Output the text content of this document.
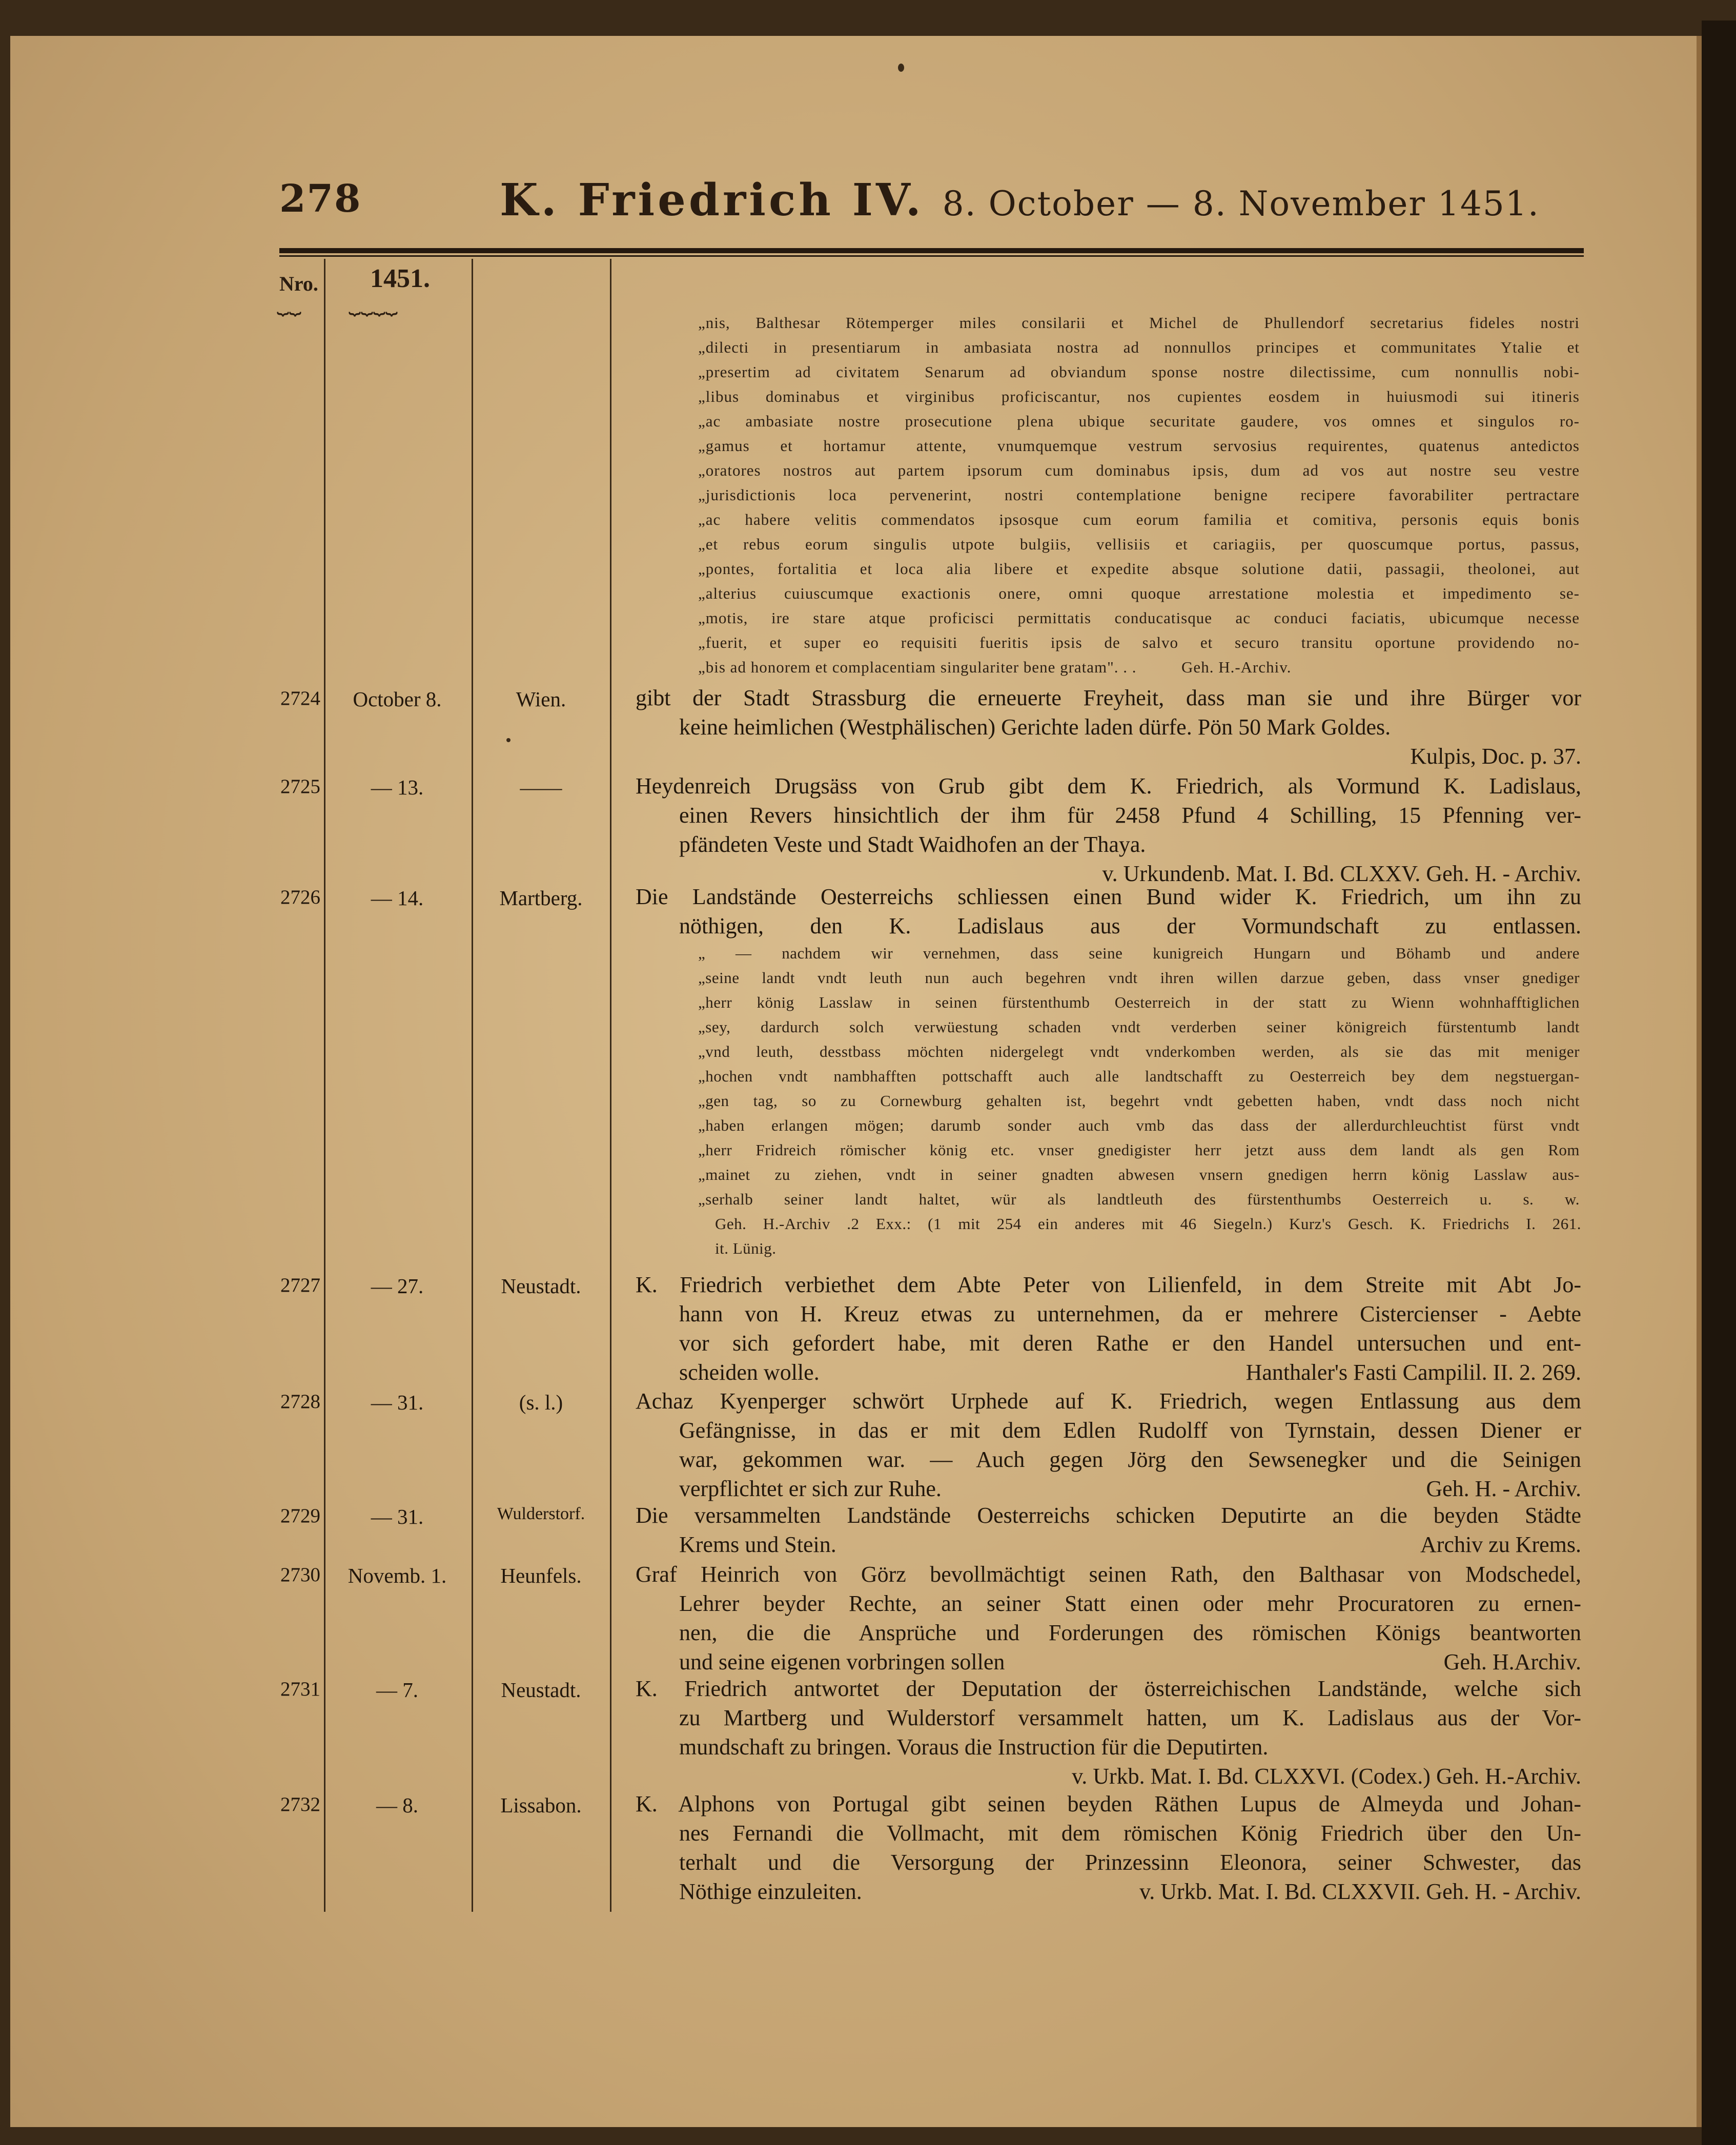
278	K. Friedrich IV. 8. October — 8. November 1451.
Nro.
⏟⏟
1451.
⏟⏟⏟⏟
„nis, Balthesar Rötemperger miles consilarii et Michel de Phullendorf secretarius fideles nostri
„dilecti in presentiarum in ambasiata nostra ad nonnullos principes et communitates Ytalie et
„presertim ad civitatem Senarum ad obviandum sponse nostre dilectissime, cum nonnullis nobi-
„libus dominabus et virginibus proficiscantur, nos cupientes eosdem in huiusmodi sui itineris
„ac ambasiate nostre prosecutione plena ubique securitate gaudere, vos omnes et singulos ro-
„gamus et hortamur attente, vnumquemque vestrum servosius requirentes, quatenus antedictos
„oratores nostros aut partem ipsorum cum dominabus ipsis, dum ad vos aut nostre seu vestre
„jurisdictionis loca pervenerint, nostri contemplatione benigne recipere favorabiliter pertractare
„ac habere velitis commendatos ipsosque cum eorum familia et comitiva, personis equis bonis
„et rebus eorum singulis utpote bulgiis, vellisiis et cariagiis, per quoscumque portus, passus,
„pontes, fortalitia et loca alia libere et expedite absque solutione datii, passagii, theolonei, aut
„alterius cuiuscumque exactionis onere, omni quoque arrestatione molestia et impedimento se-
„motis, ire stare atque proficisci permittatis conducatisque ac conduci faciatis, ubicumque necesse
„fuerit, et super eo requisiti fueritis ipsis de salvo et securo transitu oportune providendo no-
„bis ad honorem et complacentiam singulariter bene gratam". . .          Geh. H.-Archiv.
2724	October 8.	Wien.	gibt der Stadt Strassburg die erneuerte Freyheit, dass man sie und ihre Bürger vor
keine heimlichen (Westphälischen) Gerichte laden dürfe. Pön 50 Mark Goldes.
Kulpis, Doc. p. 37.
2725	— 13.	——	Heydenreich Drugsäss von Grub gibt dem K. Friedrich, als Vormund K. Ladislaus,
einen Revers hinsichtlich der ihm für 2458 Pfund 4 Schilling, 15 Pfenning ver-
pfändeten Veste und Stadt Waidhofen an der Thaya.
v. Urkundenb. Mat. I. Bd. CLXXV. Geh. H. - Archiv.
2726	— 14.	Martberg.	Die Landstände Oesterreichs schliessen einen Bund wider K. Friedrich, um ihn zu
nöthigen, den K. Ladislaus aus der Vormundschaft zu entlassen.
„ — nachdem wir vernehmen, dass seine kunigreich Hungarn und Böhamb und andere
„seine landt vndt leuth nun auch begehren vndt ihren willen darzue geben, dass vnser gnediger
„herr könig Lasslaw in seinen fürstenthumb Oesterreich in der statt zu Wienn wohnhafftiglichen
„sey, dardurch solch verwüestung schaden vndt verderben seiner königreich fürstentumb landt
„vnd leuth, desstbass möchten nidergelegt vndt vnderkomben werden, als sie das mit meniger
„hochen vndt nambhafften pottschafft auch alle landtschafft zu Oesterreich bey dem negstuergan-
„gen tag, so zu Cornewburg gehalten ist, begehrt vndt gebetten haben, vndt dass noch nicht
„haben erlangen mögen; darumb sonder auch vmb das dass der allerdurchleuchtist fürst vndt
„herr Fridreich römischer könig etc. vnser gnedigister herr jetzt auss dem landt als gen Rom
„mainet zu ziehen, vndt in seiner gnadten abwesen vnsern gnedigen herrn könig Lasslaw aus-
„serhalb seiner landt haltet, wür als landtleuth des fürstenthumbs Oesterreich u. s. w.
Geh. H.-Archiv .2 Exx.: (1 mit 254 ein anderes mit 46 Siegeln.) Kurz's Gesch. K. Friedrichs I. 261.
it. Lünig.
2727	— 27.	Neustadt.	K. Friedrich verbiethet dem Abte Peter von Lilienfeld, in dem Streite mit Abt Jo-
hann von H. Kreuz etwas zu unternehmen, da er mehrere Cistercienser - Aebte
vor sich gefordert habe, mit deren Rathe er den Handel untersuchen und ent-
scheiden wolle.	Hanthaler's Fasti Campilil. II. 2. 269.
2728	— 31.	(s. l.)	Achaz Kyenperger schwört Urphede auf K. Friedrich, wegen Entlassung aus dem
Gefängnisse, in das er mit dem Edlen Rudolff von Tyrnstain, dessen Diener er
war, gekommen war. — Auch gegen Jörg den Sewsenegker und die Seinigen
verpflichtet er sich zur Ruhe.	Geh. H. - Archiv.
2729	— 31.	Wulderstorf.	Die versammelten Landstände Oesterreichs schicken Deputirte an die beyden Städte
Krems und Stein.	Archiv zu Krems.
2730	Novemb. 1.	Heunfels.	Graf Heinrich von Görz bevollmächtigt seinen Rath, den Balthasar von Modschedel,
Lehrer beyder Rechte, an seiner Statt einen oder mehr Procuratoren zu ernen-
nen, die die Ansprüche und Forderungen des römischen Königs beantworten
und seine eigenen vorbringen sollen	Geh. H.Archiv.
2731	— 7.	Neustadt.	K. Friedrich antwortet der Deputation der österreichischen Landstände, welche sich
zu Martberg und Wulderstorf versammelt hatten, um K. Ladislaus aus der Vor-
mundschaft zu bringen. Voraus die Instruction für die Deputirten.
v. Urkb. Mat. I. Bd. CLXXVI. (Codex.) Geh. H.-Archiv.
2732	— 8.	Lissabon.	K. Alphons von Portugal gibt seinen beyden Räthen Lupus de Almeyda und Johan-
nes Fernandi die Vollmacht, mit dem römischen König Friedrich über den Un-
terhalt und die Versorgung der Prinzessinn Eleonora, seiner Schwester, das
Nöthige einzuleiten.	v. Urkb. Mat. I. Bd. CLXXVII. Geh. H. - Archiv.
